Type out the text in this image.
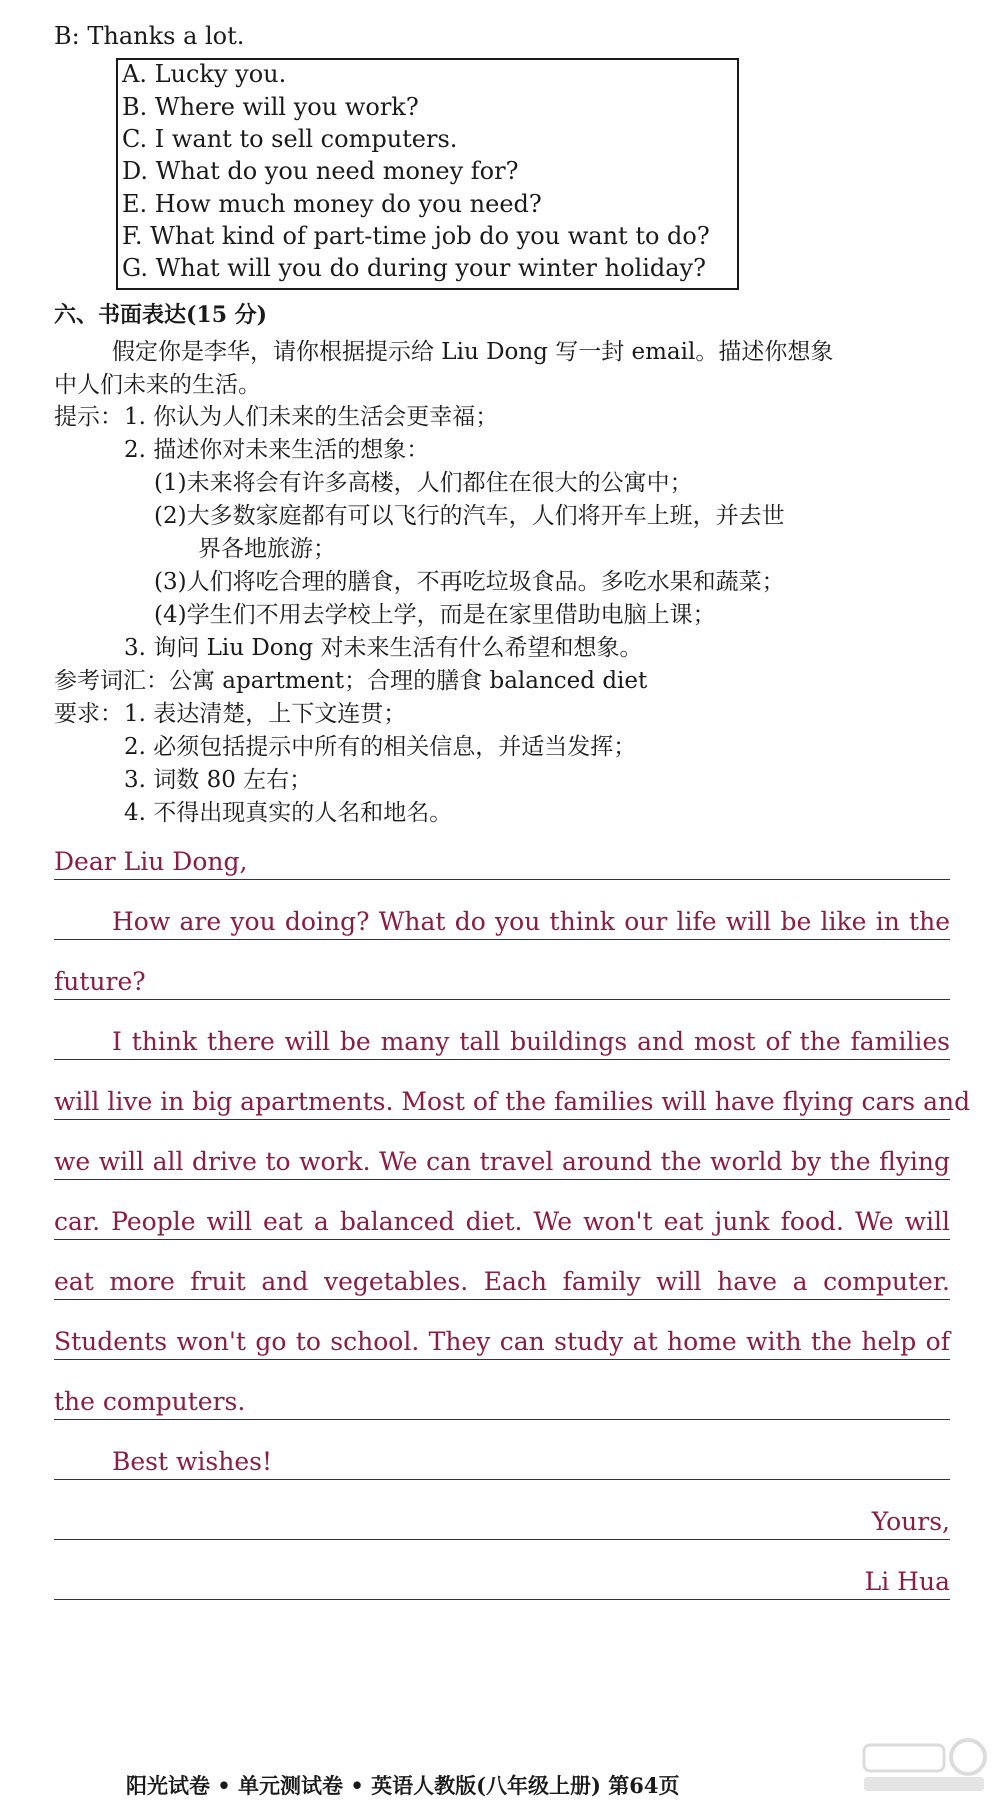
B: Thanks a lot.
A. Lucky you.
B. Where will you work?
C. I want to sell computers.
D. What do you need money for?
E. How much money do you need?
F. What kind of part-time job do you want to do?
G. What will you do during your winter holiday?
六、书面表达(15 分)
假定你是李华，请你根据提示给 Liu Dong 写一封 email。描述你想象
中人们未来的生活。
提示： 1. 你认为人们未来的生活会更幸福；
2. 描述你对未来生活的想象：
(1)未来将会有许多高楼，人们都住在很大的公寓中；
(2)大多数家庭都有可以飞行的汽车，人们将开车上班，并去世
界各地旅游；
(3)人们将吃合理的膳食，不再吃垃圾食品。多吃水果和蔬菜；
(4)学生们不用去学校上学，而是在家里借助电脑上课；
3. 询问 Liu Dong 对未来生活有什么希望和想象。
参考词汇：公寓 apartment；合理的膳食 balanced diet
要求： 1. 表达清楚，上下文连贯；
2. 必须包括提示中所有的相关信息，并适当发挥；
3. 词数 80 左右；
4. 不得出现真实的人名和地名。
Dear Liu Dong,
How are you doing? What do you think our life will be like in the
future?
I think there will be many tall buildings and most of the families
will live in big apartments. Most of the families will have flying cars and
we will all drive to work. We can travel around the world by the flying
car. People will eat a balanced diet. We won't eat junk food. We will
eat more fruit and vegetables. Each family will have a computer.
Students won't go to school. They can study at home with the help of
the computers.
Best wishes!
Yours,
Li Hua
阳光试卷 • 单元测试卷 • 英语人教版(八年级上册) 第64页
